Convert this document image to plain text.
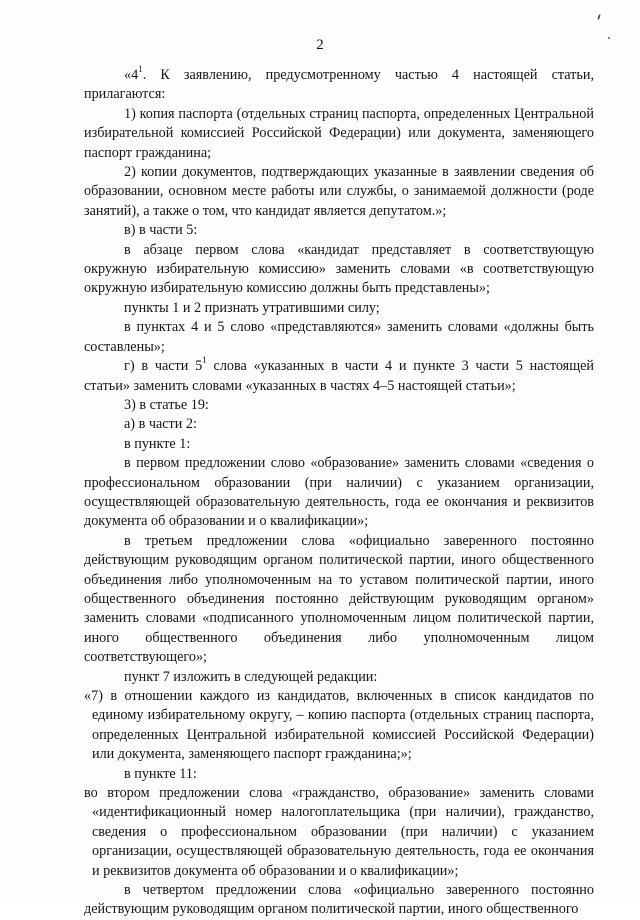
2

«$4^1$. К заявлению, предусмотренному частью 4 настоящей статьи, прилагаются:

1) копия паспорта (отдельных страниц паспорта, определенных Центральной избирательной комиссией Российской Федерации) или документа, заменяющего паспорт гражданина;

2) копии документов, подтверждающих указанные в заявлении сведения об образовании, основном месте работы или службы, о занимаемой должности (роде занятий), а также о том, что кандидат является депутатом.»;

в) в части 5:

в абзаце первом слова «кандидат представляет в соответствующую окружную избирательную комиссию» заменить словами «в соответствующую окружную избирательную комиссию должны быть представлены»;

пункты 1 и 2 признать утратившими силу;

в пунктах 4 и 5 слово «представляются» заменить словами «должны быть составлены»;

г) в части $5^1$ слова «указанных в части 4 и пункте 3 части 5 настоящей статьи» заменить словами «указанных в частях 4–5 настоящей статьи»;

3) в статье 19:

а) в части 2:

в пункте 1:

в первом предложении слово «образование» заменить словами «сведения о профессиональном образовании (при наличии) с указанием организации, осуществляющей образовательную деятельность, года ее окончания и реквизитов документа об образовании и о квалификации»;

в третьем предложении слова «официально заверенного постоянно действующим руководящим органом политической партии, иного общественного объединения либо уполномоченным на то уставом политической партии, иного общественного объединения постоянно действующим руководящим органом» заменить словами «подписанного уполномоченным лицом политической партии, иного общественного объединения либо уполномоченным лицом соответствующего»;

пункт 7 изложить в следующей редакции:

«7) в отношении каждого из кандидатов, включенных в список кандидатов по единому избирательному округу, – копию паспорта (отдельных страниц паспорта, определенных Центральной избирательной комиссией Российской Федерации) или документа, заменяющего паспорт гражданина;»;

в пункте 11:

во втором предложении слова «гражданство, образование» заменить словами «идентификационный номер налогоплательщика (при наличии), гражданство, сведения о профессиональном образовании (при наличии) с указанием организации, осуществляющей образовательную деятельность, года ее окончания и реквизитов документа об образовании и о квалификации»;

в четвертом предложении слова «официально заверенного постоянно действующим руководящим органом политической партии, иного общественного
